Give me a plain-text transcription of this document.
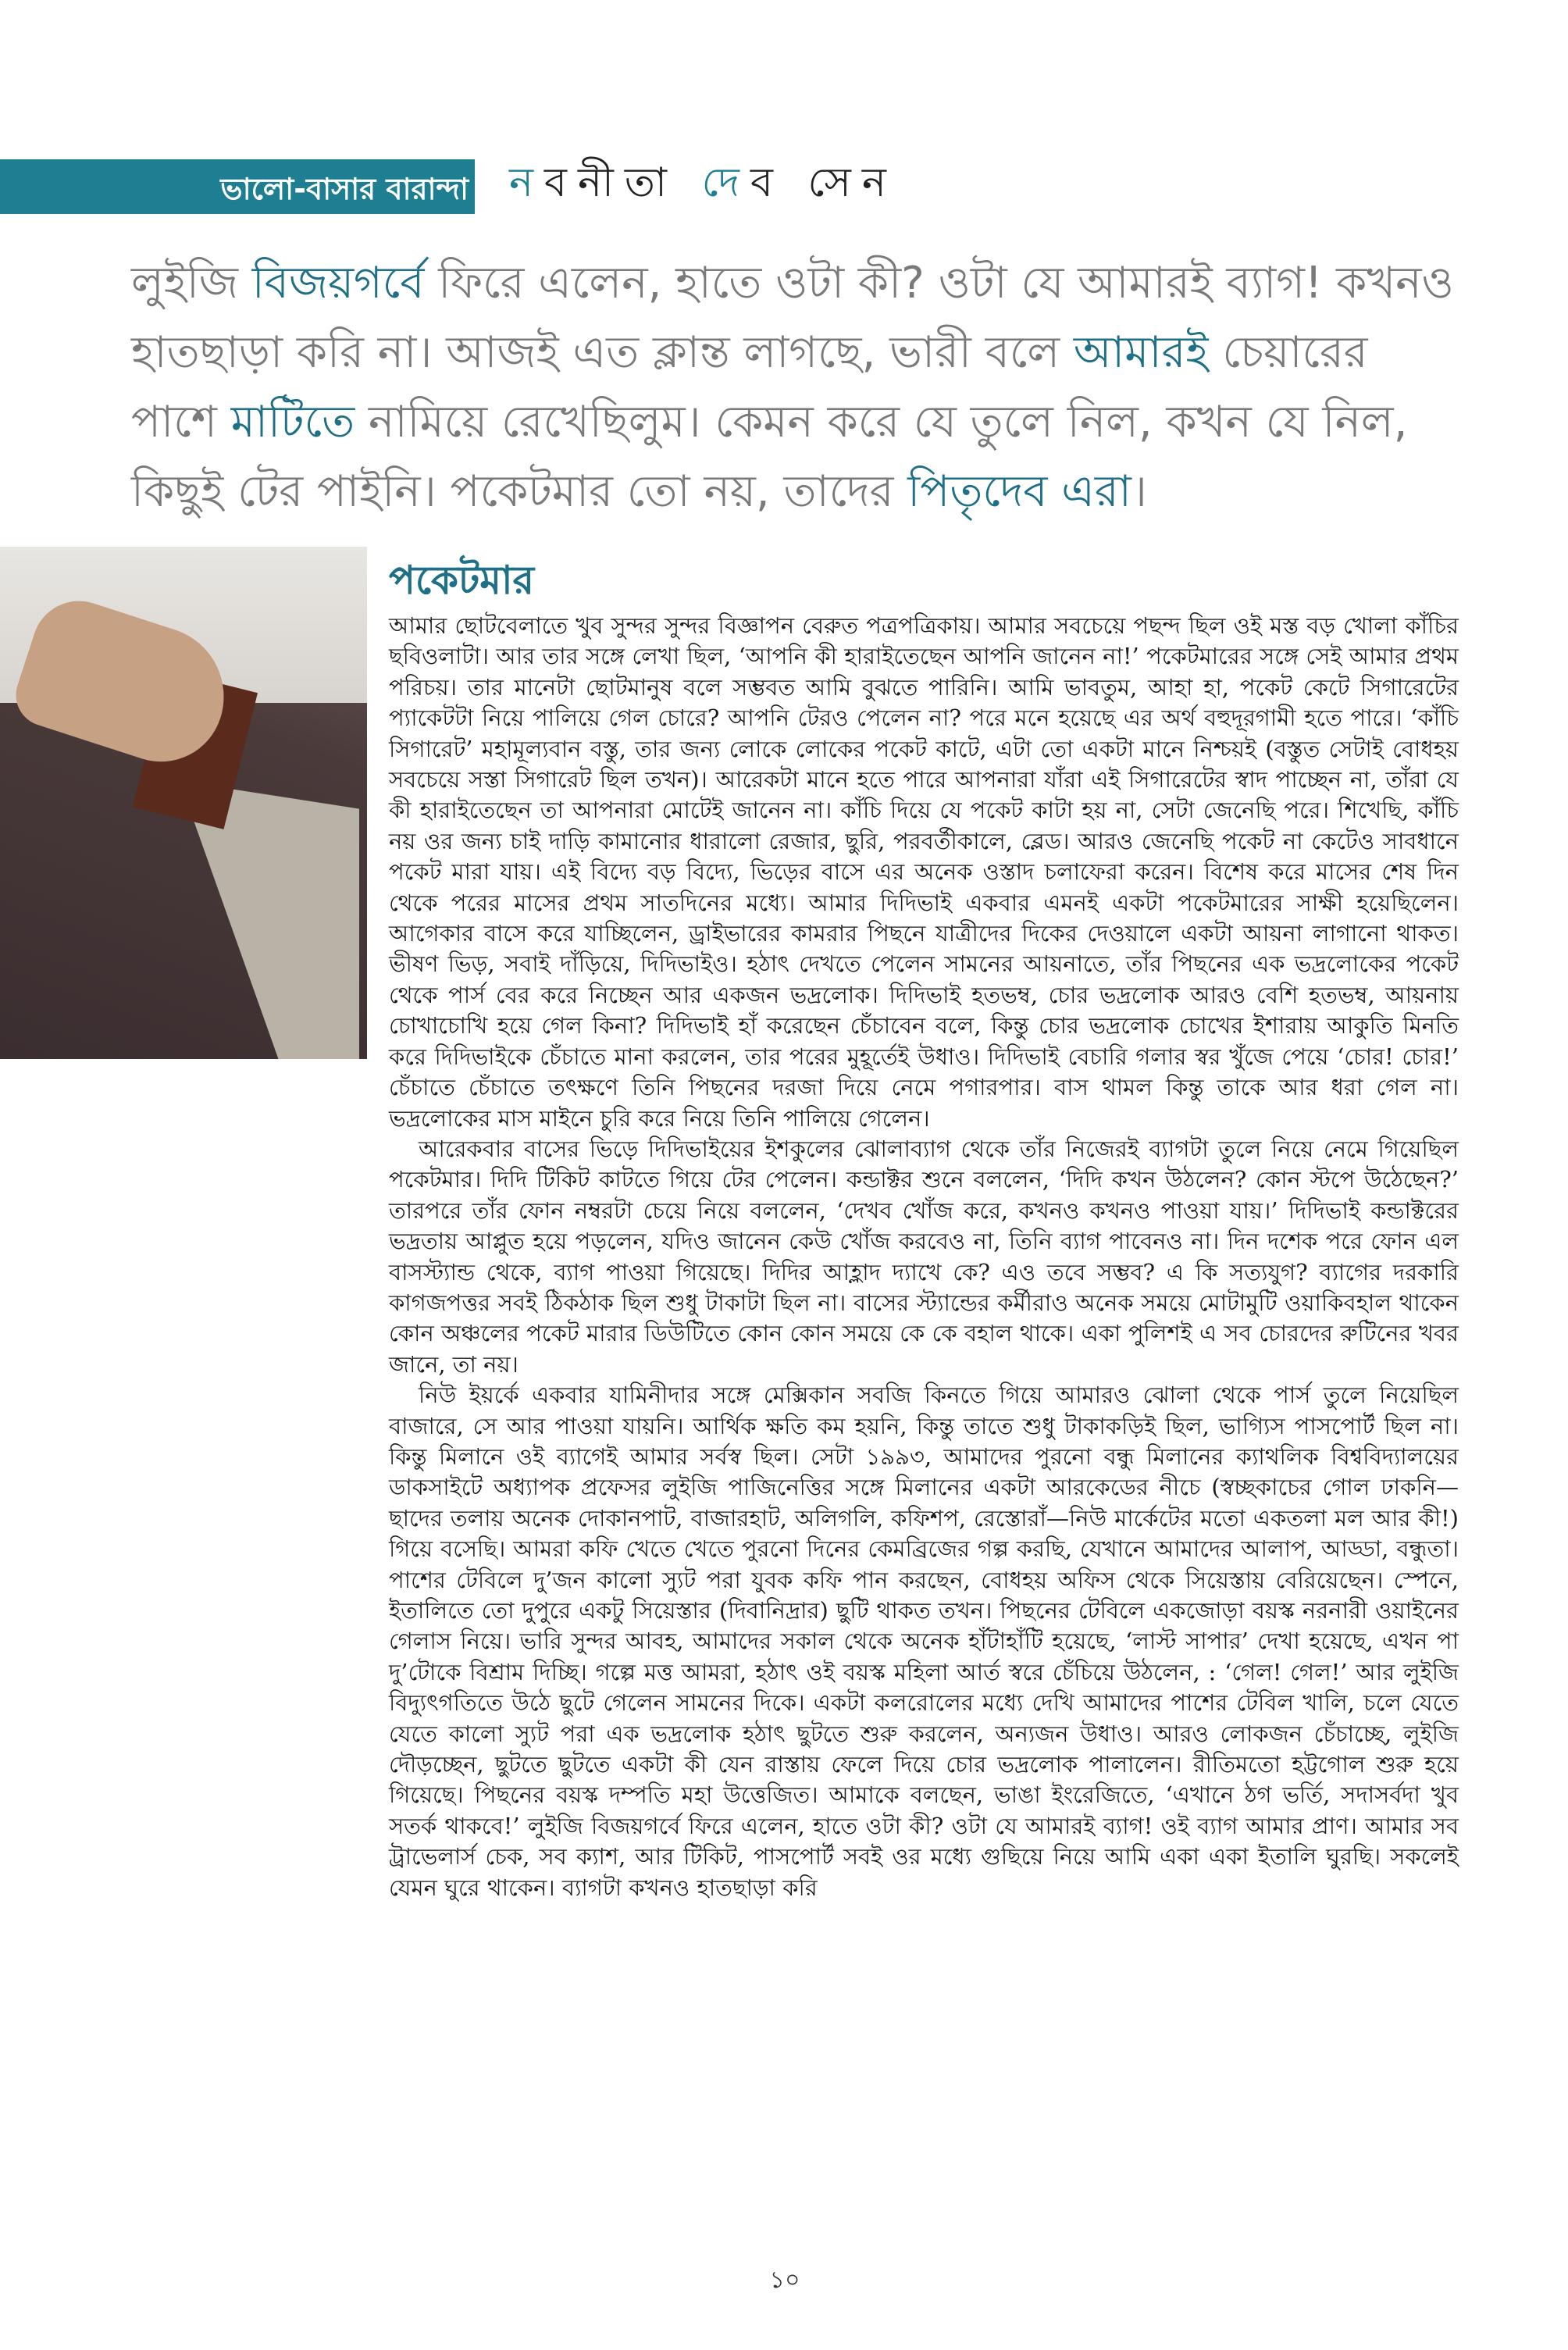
ভালো-বাসার বারান্দা নবনীতা দেব সেন
লুইজি বিজয়গর্বে ফিরে এলেন, হাতে ওটা কী? ওটা যে আমারই ব্যাগ! কখনও হাতছাড়া করি না। আজই এত ক্লান্ত লাগছে, ভারী বলে আমারই চেয়ারের পাশে মাটিতে নামিয়ে রেখেছিলুম। কেমন করে যে তুলে নিল, কখন যে নিল, কিছুই টের পাইনি। পকেটমার তো নয়, তাদের পিতৃদেব এরা।
পকেটমার

আমার ছোটবেলাতে খুব সুন্দর সুন্দর বিজ্ঞাপন বেরুত পত্রপত্রিকায়। আমার সবচেয়ে পছন্দ ছিল ওই মস্ত বড় খোলা কাঁচির ছবিওলাটা। আর তার সঙ্গে লেখা ছিল, ‘আপনি কী হারাইতেছেন আপনি জানেন না!’ পকেটমারের সঙ্গে সেই আমার প্রথম পরিচয়। তার মানেটা ছোটমানুষ বলে সম্ভবত আমি বুঝতে পারিনি। আমি ভাবতুম, আহা হা, পকেট কেটে সিগারেটের প্যাকেটটা নিয়ে পালিয়ে গেল চোরে? আপনি টেরও পেলেন না? পরে মনে হয়েছে এর অর্থ বহুদূরগামী হতে পারে। ‘কাঁচি সিগারেট’ মহামূল্যবান বস্তু, তার জন্য লোকে লোকের পকেট কাটে, এটা তো একটা মানে নিশ্চয়ই (বস্তুত সেটাই বোধহয় সবচেয়ে সস্তা সিগারেট ছিল তখন)। আরেকটা মানে হতে পারে আপনারা যাঁরা এই সিগারেটের স্বাদ পাচ্ছেন না, তাঁরা যে কী হারাইতেছেন তা আপনারা মোটেই জানেন না। কাঁচি দিয়ে যে পকেট কাটা হয় না, সেটা জেনেছি পরে। শিখেছি, কাঁচি নয় ওর জন্য চাই দাড়ি কামানোর ধারালো রেজার, ছুরি, পরবর্তীকালে, ব্লেড। আরও জেনেছি পকেট না কেটেও সাবধানে পকেট মারা যায়। এই বিদ্যে বড় বিদ্যে, ভিড়ের বাসে এর অনেক ওস্তাদ চলাফেরা করেন। বিশেষ করে মাসের শেষ দিন থেকে পরের মাসের প্রথম সাতদিনের মধ্যে। আমার দিদিভাই একবার এমনই একটা পকেটমারের সাক্ষী হয়েছিলেন। আগেকার বাসে করে যাচ্ছিলেন, ড্রাইভারের কামরার পিছনে যাত্রীদের দিকের দেওয়ালে একটা আয়না লাগানো থাকত। ভীষণ ভিড়, সবাই দাঁড়িয়ে, দিদিভাইও। হঠাৎ দেখতে পেলেন সামনের আয়নাতে, তাঁর পিছনের এক ভদ্রলোকের পকেট থেকে পার্স বের করে নিচ্ছেন আর একজন ভদ্রলোক। দিদিভাই হতভম্ব, চোর ভদ্রলোক আরও বেশি হতভম্ব, আয়নায় চোখাচোখি হয়ে গেল কিনা? দিদিভাই হাঁ করেছেন চেঁচাবেন বলে, কিন্তু চোর ভদ্রলোক চোখের ইশারায় আকুতি মিনতি করে দিদিভাইকে চেঁচাতে মানা করলেন, তার পরের মুহূর্তেই উধাও। দিদিভাই বেচারি গলার স্বর খুঁজে পেয়ে ‘চোর! চোর!’ চেঁচাতে চেঁচাতে তৎক্ষণে তিনি পিছনের দরজা দিয়ে নেমে পগারপার। বাস থামল কিন্তু তাকে আর ধরা গেল না। ভদ্রলোকের মাস মাইনে চুরি করে নিয়ে তিনি পালিয়ে গেলেন।

আরেকবার বাসের ভিড়ে দিদিভাইয়ের ইশকুলের ঝোলাব্যাগ থেকে তাঁর নিজেরই ব্যাগটা তুলে নিয়ে নেমে গিয়েছিল পকেটমার। দিদি টিকিট কাটতে গিয়ে টের পেলেন। কন্ডাক্টর শুনে বললেন, ‘দিদি কখন উঠলেন? কোন স্টপে উঠেছেন?’ তারপরে তাঁর ফোন নম্বরটা চেয়ে নিয়ে বললেন, ‘দেখব খোঁজ করে, কখনও কখনও পাওয়া যায়।’ দিদিভাই কন্ডাক্টরের ভদ্রতায় আপ্লুত হয়ে পড়লেন, যদিও জানেন কেউ খোঁজ করবেও না, তিনি ব্যাগ পাবেনও না। দিন দশেক পরে ফোন এল বাসস্ট্যান্ড থেকে, ব্যাগ পাওয়া গিয়েছে। দিদির আহ্লাদ দ্যাখে কে? এও তবে সম্ভব? এ কি সত্যযুগ? ব্যাগের দরকারি কাগজপত্তর সবই ঠিকঠাক ছিল শুধু টাকাটা ছিল না। বাসের স্ট্যান্ডের কর্মীরাও অনেক সময়ে মোটামুটি ওয়াকিবহাল থাকেন কোন অঞ্চলের পকেট মারার ডিউটিতে কোন কোন সময়ে কে কে বহাল থাকে। একা পুলিশই এ সব চোরদের রুটিনের খবর জানে, তা নয়।

নিউ ইয়র্কে একবার যামিনীদার সঙ্গে মেক্সিকান সবজি কিনতে গিয়ে আমারও ঝোলা থেকে পার্স তুলে নিয়েছিল বাজারে, সে আর পাওয়া যায়নি। আর্থিক ক্ষতি কম হয়নি, কিন্তু তাতে শুধু টাকাকড়িই ছিল, ভাগ্যিস পাসপোর্ট ছিল না। কিন্তু মিলানে ওই ব্যাগেই আমার সর্বস্ব ছিল। সেটা ১৯৯৩, আমাদের পুরনো বন্ধু মিলানের ক্যাথলিক বিশ্ববিদ্যালয়ের ডাকসাইটে অধ্যাপক প্রফেসর লুইজি পাজিনেত্তির সঙ্গে মিলানের একটা আরকেডের নীচে (স্বচ্ছকাচের গোল ঢাকনি—ছাদের তলায় অনেক দোকানপাট, বাজারহাট, অলিগলি, কফিশপ, রেস্তোরাঁ—নিউ মার্কেটের মতো একতলা মল আর কী!) গিয়ে বসেছি। আমরা কফি খেতে খেতে পুরনো দিনের কেমব্রিজের গল্প করছি, যেখানে আমাদের আলাপ, আড্ডা, বন্ধুতা। পাশের টেবিলে দু’জন কালো স্যুট পরা যুবক কফি পান করছেন, বোধহয় অফিস থেকে সিয়েস্তায় বেরিয়েছেন। স্পেনে, ইতালিতে তো দুপুরে একটু সিয়েস্তার (দিবানিদ্রার) ছুটি থাকত তখন। পিছনের টেবিলে একজোড়া বয়স্ক নরনারী ওয়াইনের গেলাস নিয়ে। ভারি সুন্দর আবহ, আমাদের সকাল থেকে অনেক হাঁটাহাঁটি হয়েছে, ‘লাস্ট সাপার’ দেখা হয়েছে, এখন পা দু’টোকে বিশ্রাম দিচ্ছি। গল্পে মত্ত আমরা, হঠাৎ ওই বয়স্ক মহিলা আর্ত স্বরে চেঁচিয়ে উঠলেন, : ‘গেল! গেল!’ আর লুইজি বিদ্যুৎগতিতে উঠে ছুটে গেলেন সামনের দিকে। একটা কলরোলের মধ্যে দেখি আমাদের পাশের টেবিল খালি, চলে যেতে যেতে কালো স্যুট পরা এক ভদ্রলোক হঠাৎ ছুটতে শুরু করলেন, অন্যজন উধাও। আরও লোকজন চেঁচাচ্ছে, লুইজি দৌড়চ্ছেন, ছুটতে ছুটতে একটা কী যেন রাস্তায় ফেলে দিয়ে চোর ভদ্রলোক পালালেন। রীতিমতো হট্টগোল শুরু হয়ে গিয়েছে। পিছনের বয়স্ক দম্পতি মহা উত্তেজিত। আমাকে বলছেন, ভাঙা ইংরেজিতে, ‘এখানে ঠগ ভর্তি, সদাসর্বদা খুব সতর্ক থাকবে!’ লুইজি বিজয়গর্বে ফিরে এলেন, হাতে ওটা কী? ওটা যে আমারই ব্যাগ! ওই ব্যাগ আমার প্রাণ। আমার সব ট্রাভেলার্স চেক, সব ক্যাশ, আর টিকিট, পাসপোর্ট সবই ওর মধ্যে গুছিয়ে নিয়ে আমি একা একা ইতালি ঘুরছি। সকলেই যেমন ঘুরে থাকেন। ব্যাগটা কখনও হাতছাড়া করি

১০
